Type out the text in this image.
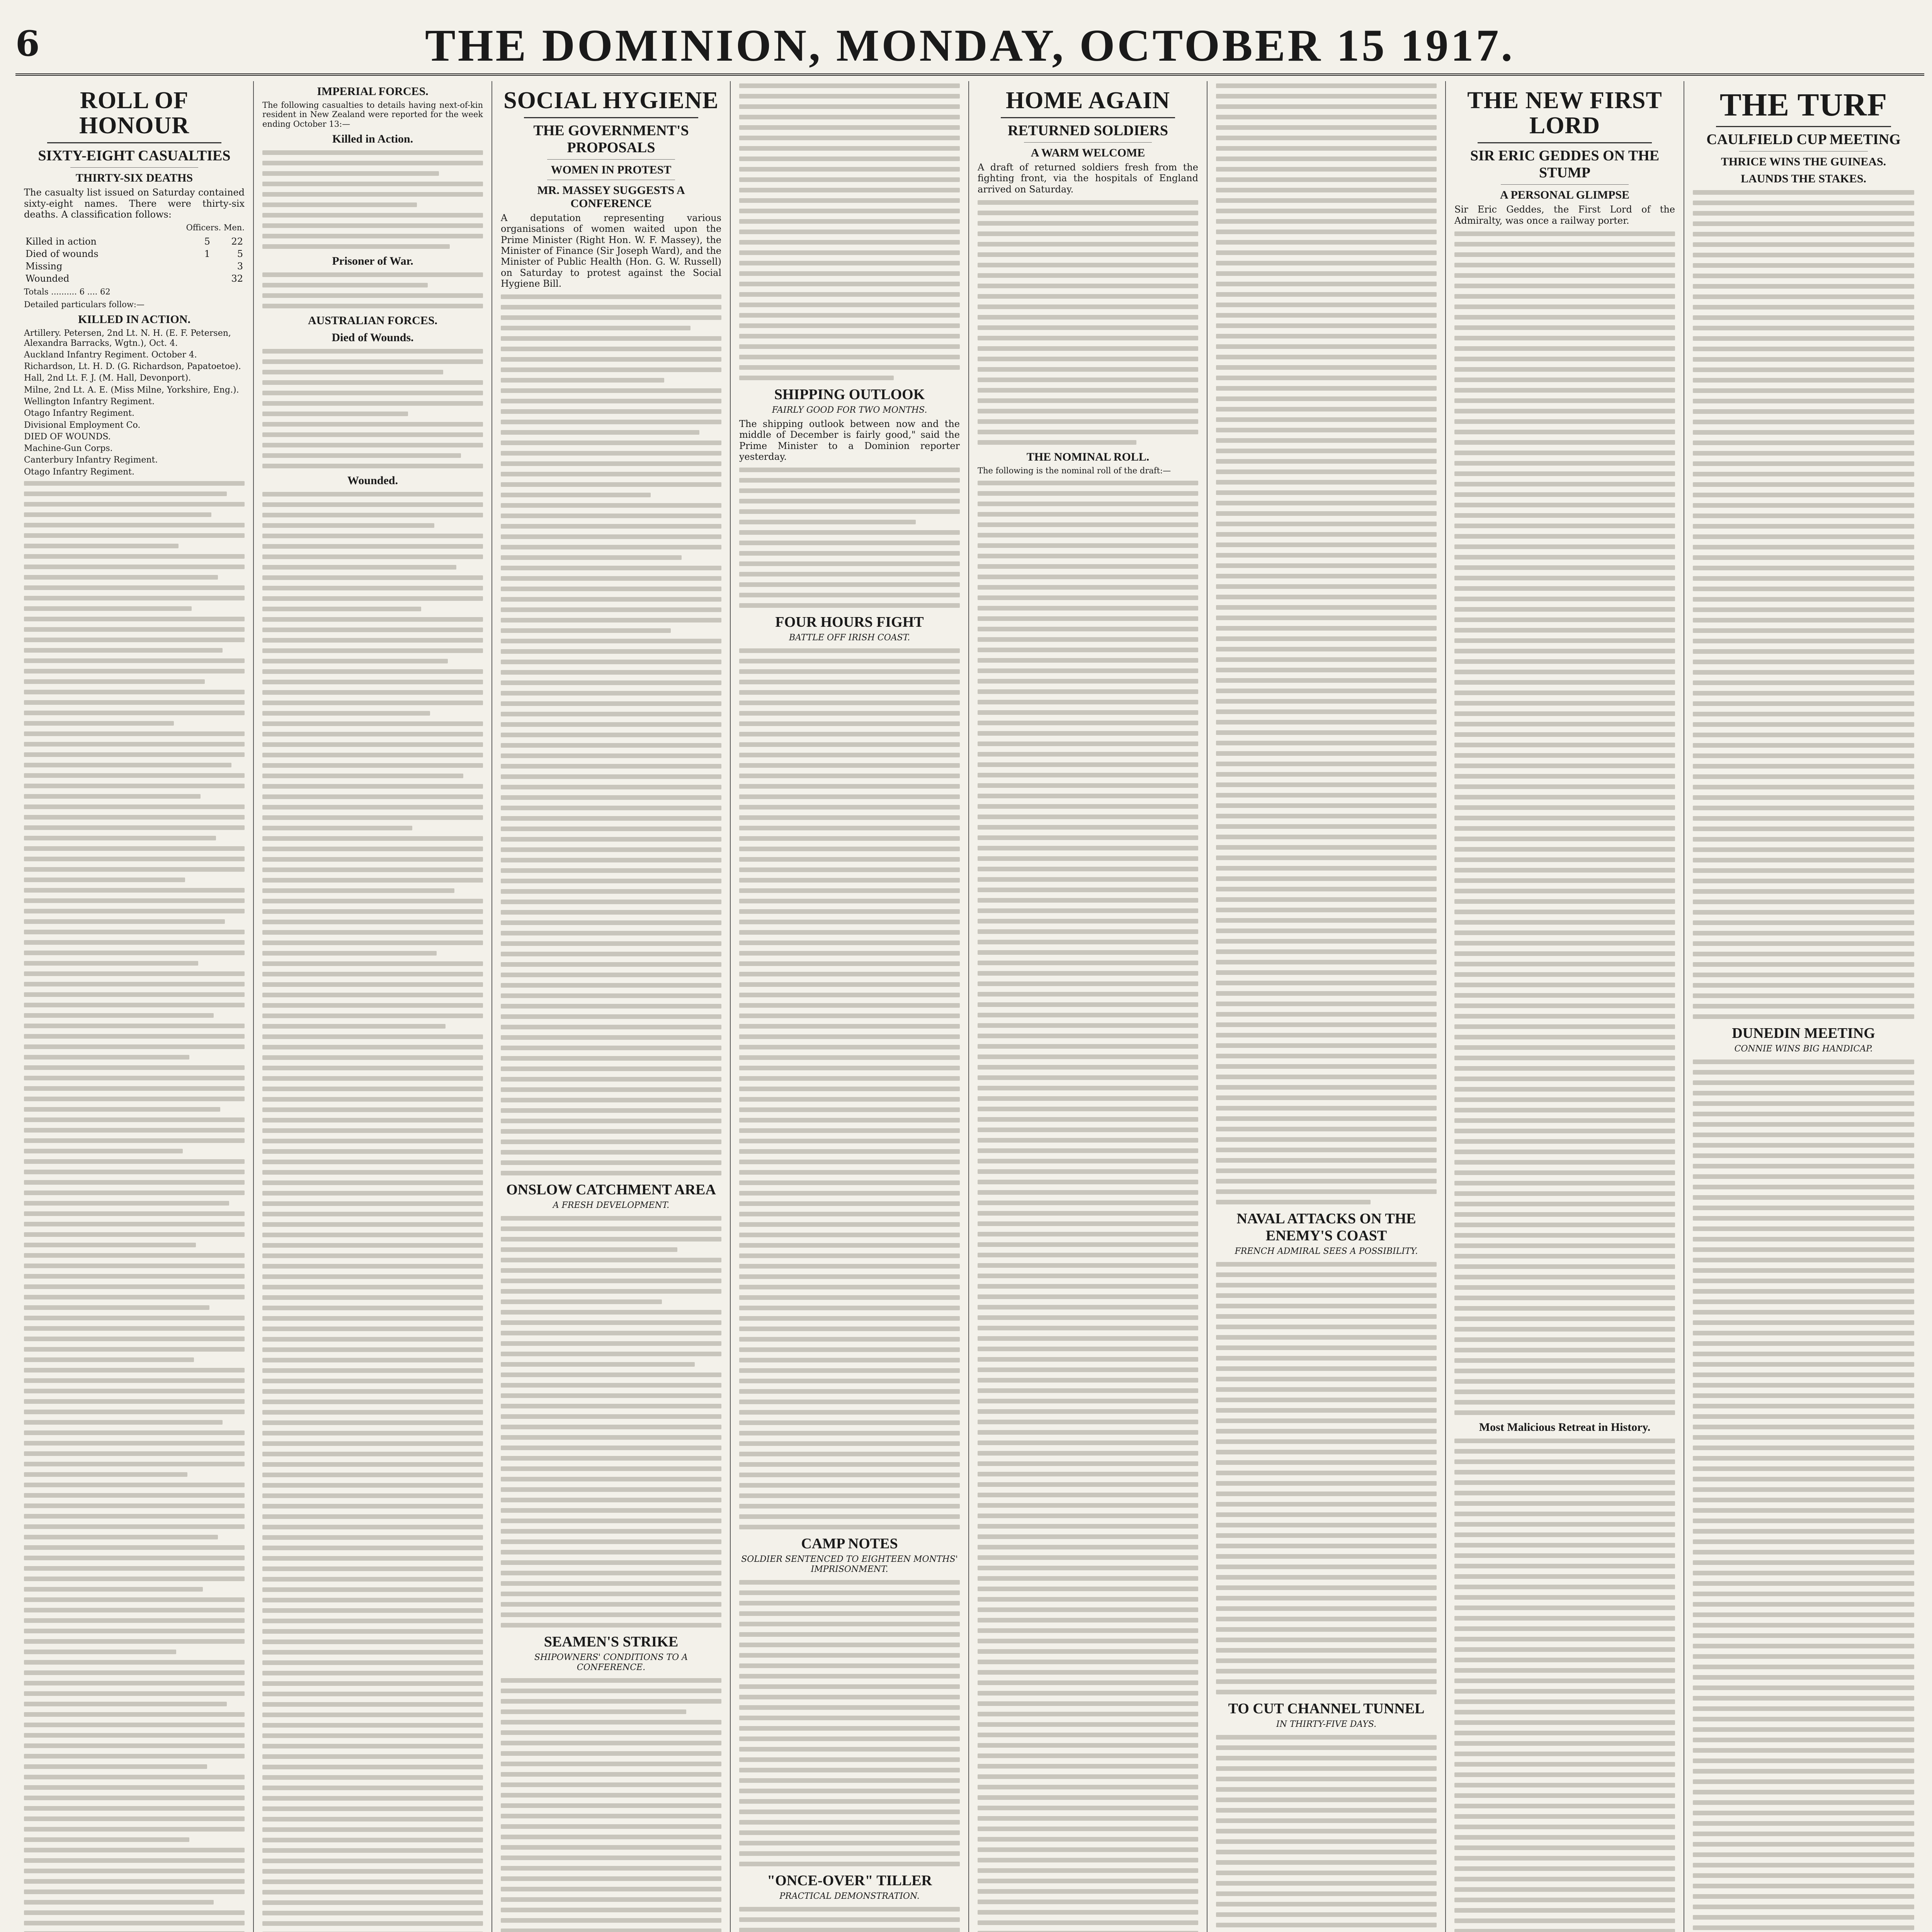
6	THE DOMINION, MONDAY, OCTOBER 15 1917.
ROLL OF HONOUR
SIXTY-EIGHT CASUALTIES
THIRTY-SIX DEATHS

The casualty list issued on Saturday contained sixty-eight names. There were thirty-six deaths. A classification follows:

Officers. Men.

Killed in action	5	22
Died of wounds	1	5
Missing		3
Wounded		32

Totals .......... 6 .... 62

Detailed particulars follow:—

KILLED IN ACTION.
Artillery. Petersen, 2nd Lt. N. H. (E. F. Petersen, Alexandra Barracks, Wgtn.), Oct. 4.
Auckland Infantry Regiment. October 4.
Richardson, Lt. H. D. (G. Richardson, Papatoetoe).
Hall, 2nd Lt. F. J. (M. Hall, Devonport).
Milne, 2nd Lt. A. E. (Miss Milne, Yorkshire, Eng.).
Wellington Infantry Regiment.
Otago Infantry Regiment.
Divisional Employment Co.
DIED OF WOUNDS.
Machine-Gun Corps.
Canterbury Infantry Regiment.
Otago Infantry Regiment.
IMPERIAL FORCES.

The following casualties to details having next-of-kin resident in New Zealand were reported for the week ending October 13:—

Killed in Action.
Prisoner of War.
AUSTRALIAN FORCES.
Died of Wounds.
Wounded.
SOCIAL HYGIENE
THE GOVERNMENT'S PROPOSALS
WOMEN IN PROTEST
MR. MASSEY SUGGESTS A CONFERENCE

A deputation representing various organisations of women waited upon the Prime Minister (Right Hon. W. F. Massey), the Minister of Finance (Sir Joseph Ward), and the Minister of Public Health (Hon. G. W. Russell) on Saturday to protest against the Social Hygiene Bill.

ONSLOW CATCHMENT AREA

A FRESH DEVELOPMENT.

SEAMEN'S STRIKE

SHIPOWNERS' CONDITIONS TO A CONFERENCE.

SHIPPING OUTLOOK

FAIRLY GOOD FOR TWO MONTHS.

The shipping outlook between now and the middle of December is fairly good," said the Prime Minister to a Dominion reporter yesterday.

FOUR HOURS FIGHT

BATTLE OFF IRISH COAST.

CAMP NOTES

SOLDIER SENTENCED TO EIGHTEEN MONTHS' IMPRISONMENT.

"ONCE-OVER" TILLER

PRACTICAL DEMONSTRATION.

HOME AGAIN
RETURNED SOLDIERS
A WARM WELCOME

A draft of returned soldiers fresh from the fighting front, via the hospitals of England arrived on Saturday.

THE NOMINAL ROLL.

The following is the nominal roll of the draft:—

NAVAL ATTACKS ON THE ENEMY'S COAST

FRENCH ADMIRAL SEES A POSSIBILITY.

TO CUT CHANNEL TUNNEL

IN THIRTY-FIVE DAYS.

THE NEW FIRST LORD
SIR ERIC GEDDES ON THE STUMP
A PERSONAL GLIMPSE

Sir Eric Geddes, the First Lord of the Admiralty, was once a railway porter.

Most Malicious Retreat in History.
THE TURF
CAULFIELD CUP MEETING
THRICE WINS THE GUINEAS.
LAUNDS THE STAKES.
DUNEDIN MEETING

CONNIE WINS BIG HANDICAP.
